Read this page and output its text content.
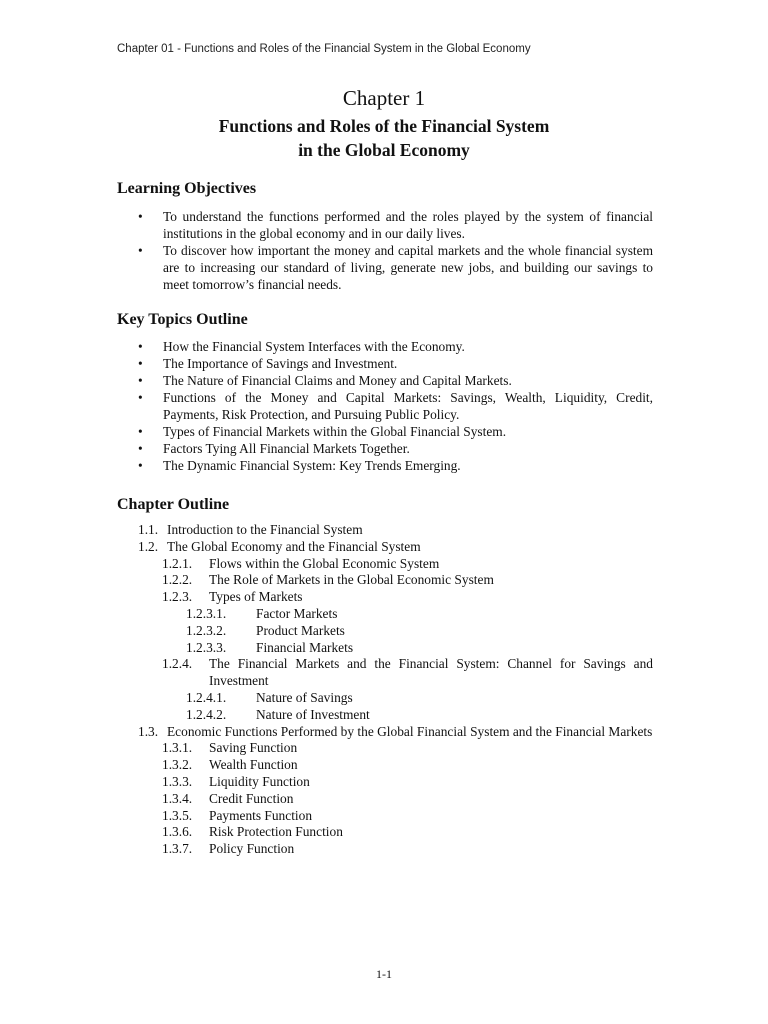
Chapter 01 - Functions and Roles of the Financial System in the Global Economy
Chapter 1
Functions and Roles of the Financial System
in the Global Economy
Learning Objectives
• To understand the functions performed and the roles played by the system of financial institutions in the global economy and in our daily lives.
• To discover how important the money and capital markets and the whole financial system are to increasing our standard of living, generate new jobs, and building our savings to meet tomorrow’s financial needs.
Key Topics Outline
• How the Financial System Interfaces with the Economy.
• The Importance of Savings and Investment.
• The Nature of Financial Claims and Money and Capital Markets.
• Functions of the Money and Capital Markets: Savings, Wealth, Liquidity, Credit, Payments, Risk Protection, and Pursuing Public Policy.
• Types of Financial Markets within the Global Financial System.
• Factors Tying All Financial Markets Together.
• The Dynamic Financial System: Key Trends Emerging.
Chapter Outline
1.1. Introduction to the Financial System
1.2. The Global Economy and the Financial System
1.2.1.	Flows within the Global Economic System
1.2.2.	The Role of Markets in the Global Economic System
1.2.3.	Types of Markets
1.2.3.1.	Factor Markets
1.2.3.2.	Product Markets
1.2.3.3.	Financial Markets
1.2.4.	The Financial Markets and the Financial System: Channel for Savings and Investment
1.2.4.1.	Nature of Savings
1.2.4.2.	Nature of Investment
1.3. Economic Functions Performed by the Global Financial System and the Financial Markets
1.3.1.	Saving Function
1.3.2.	Wealth Function
1.3.3.	Liquidity Function
1.3.4.	Credit Function
1.3.5.	Payments Function
1.3.6.	Risk Protection Function
1.3.7.	Policy Function
1-1
